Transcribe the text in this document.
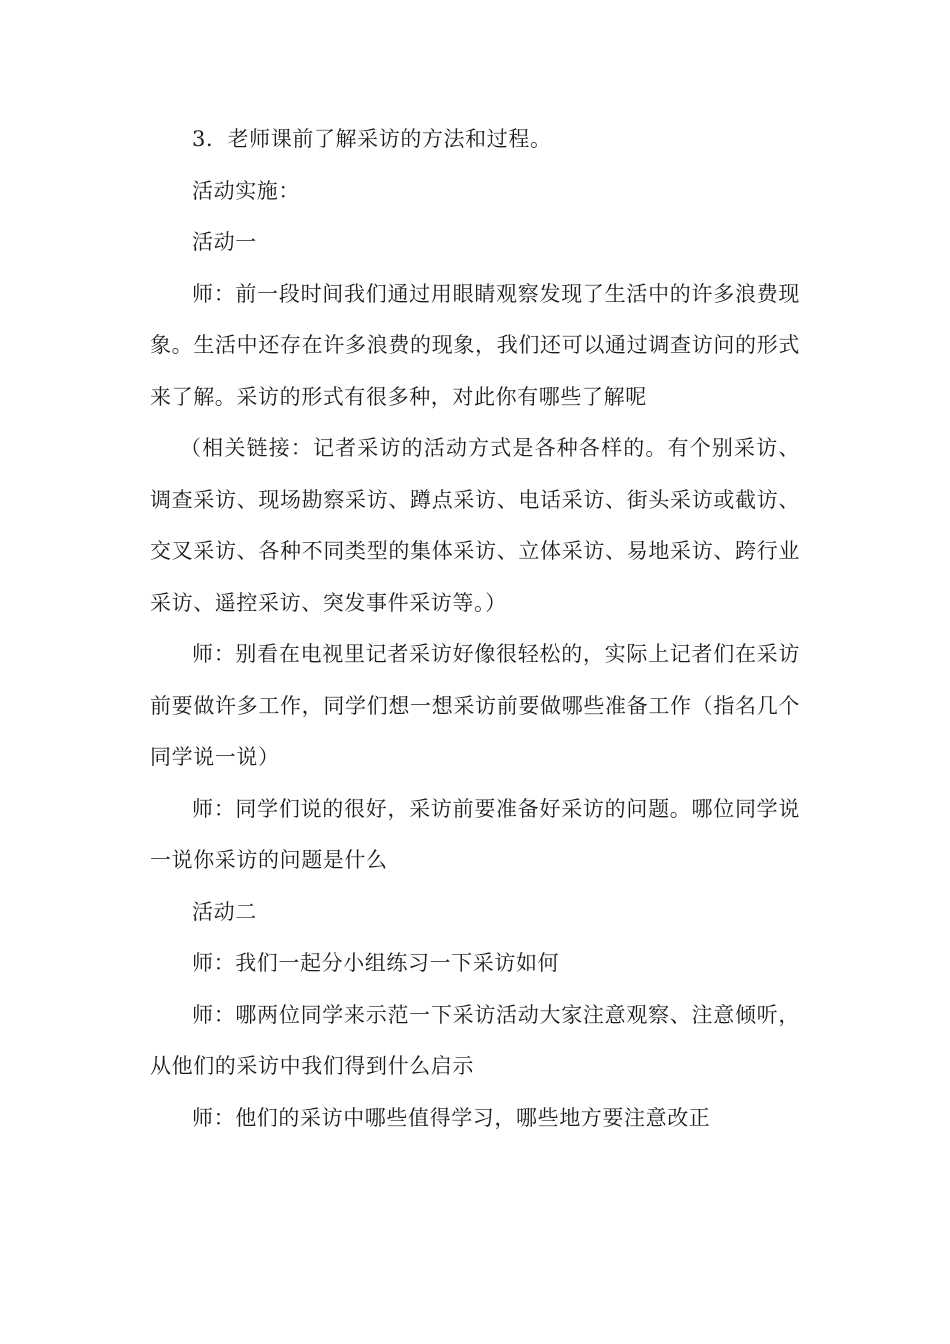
3．老师课前了解采访的方法和过程。

活动实施：

活动一

师：前一段时间我们通过用眼睛观察发现了生活中的许多浪费现象。生活中还存在许多浪费的现象，我们还可以通过调查访问的形式来了解。采访的形式有很多种，对此你有哪些了解呢

（相关链接：记者采访的活动方式是各种各样的。有个别采访、调查采访、现场勘察采访、蹲点采访、电话采访、街头采访或截访、交叉采访、各种不同类型的集体采访、立体采访、易地采访、跨行业采访、遥控采访、突发事件采访等。）

师：别看在电视里记者采访好像很轻松的，实际上记者们在采访前要做许多工作，同学们想一想采访前要做哪些准备工作（指名几个同学说一说）

师：同学们说的很好，采访前要准备好采访的问题。哪位同学说一说你采访的问题是什么

活动二

师：我们一起分小组练习一下采访如何

师：哪两位同学来示范一下采访活动大家注意观察、注意倾听，从他们的采访中我们得到什么启示

师：他们的采访中哪些值得学习，哪些地方要注意改正
